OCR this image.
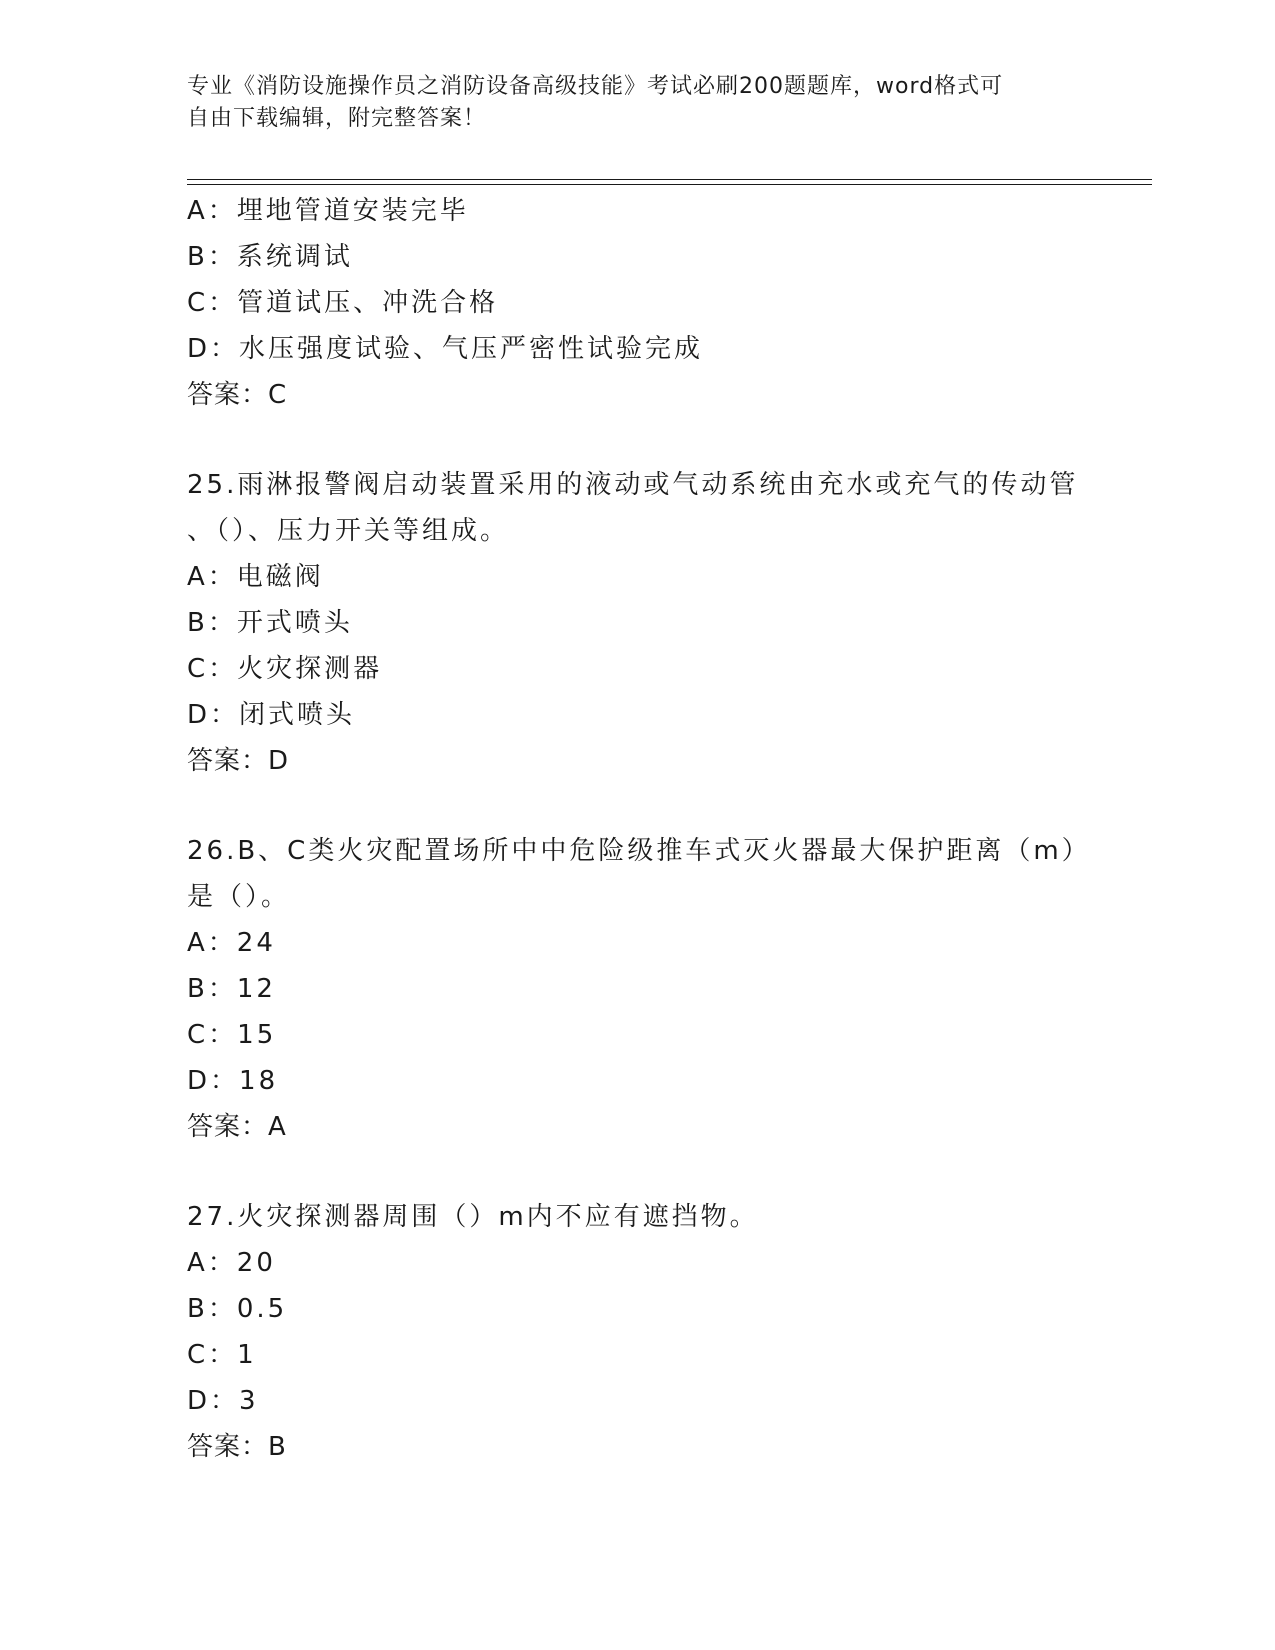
专业《消防设施操作员之消防设备高级技能》考试必刷200题题库，word格式可
自由下载编辑，附完整答案！
A：埋地管道安装完毕
B：系统调试
C：管道试压、冲洗合格
D：水压强度试验、气压严密性试验完成
答案：C
25.雨淋报警阀启动装置采用的液动或气动系统由充水或充气的传动管
、（）、压力开关等组成。
A：电磁阀
B：开式喷头
C：火灾探测器
D：闭式喷头
答案：D
26.B、C类火灾配置场所中中危险级推车式灭火器最大保护距离（m）
是（）。
A：24
B：12
C：15
D：18
答案：A
27.火灾探测器周围（）m内不应有遮挡物。
A：20
B：0.5
C：1
D：3
答案：B
